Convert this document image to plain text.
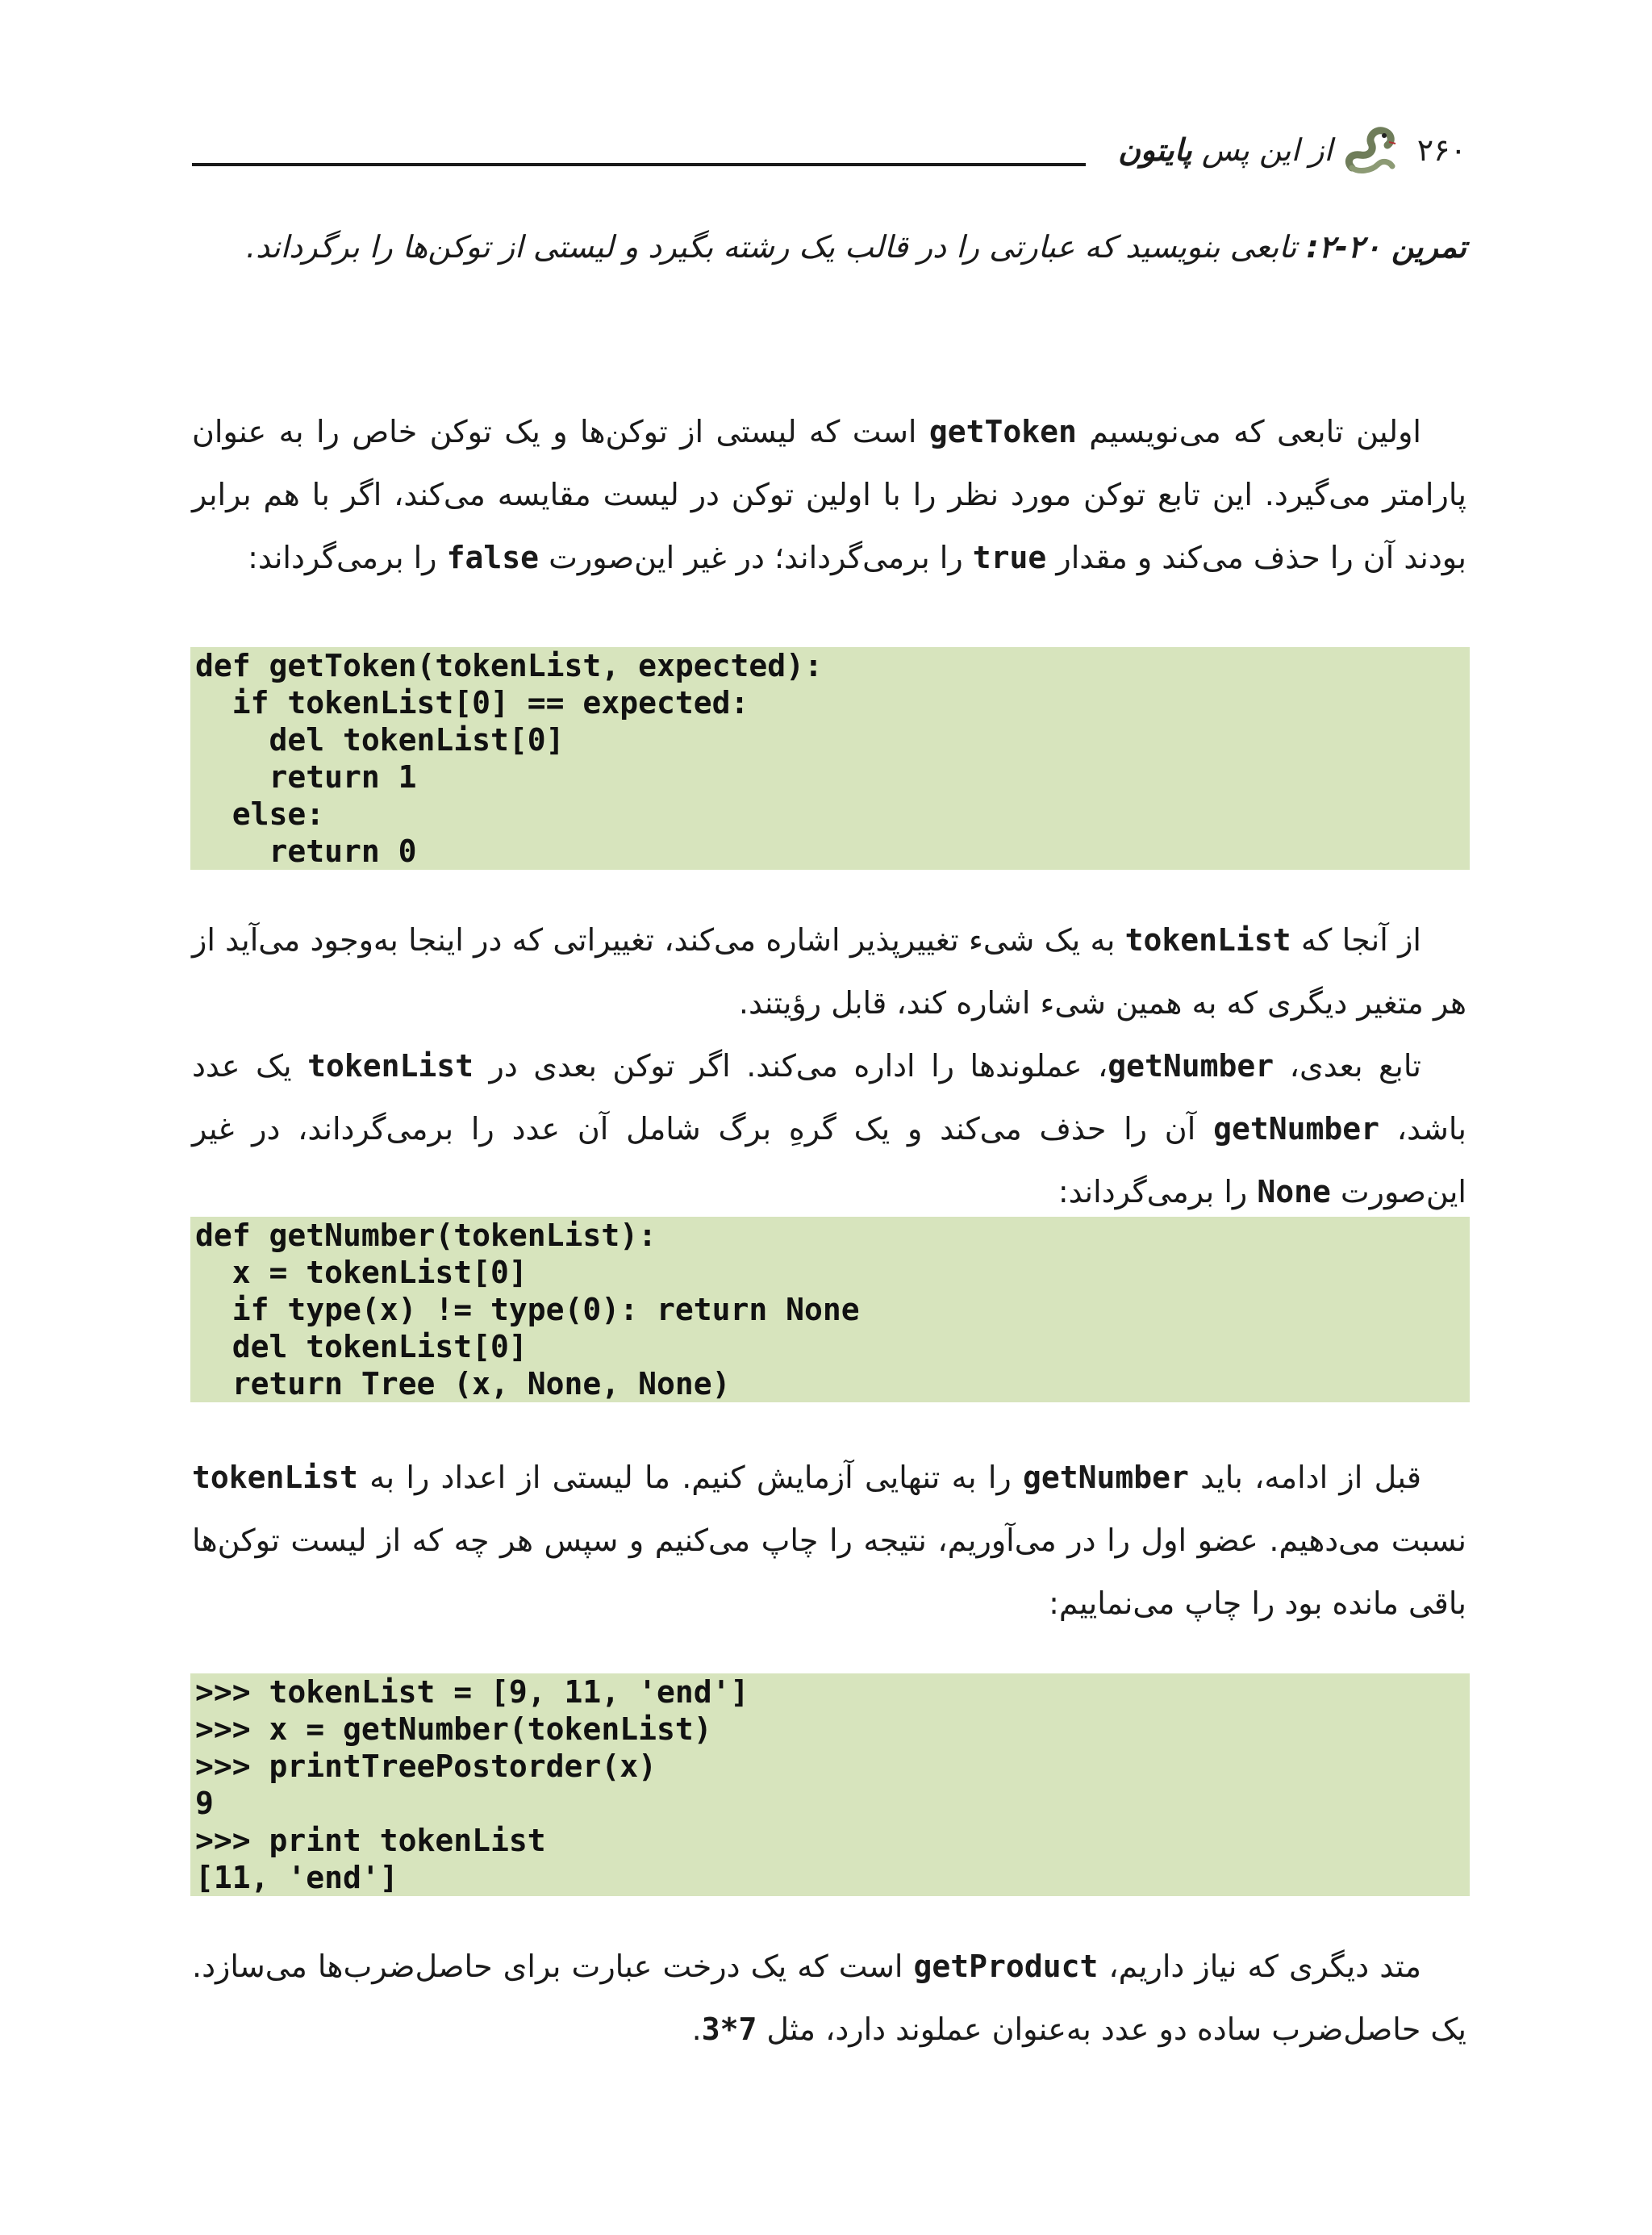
۲۶۰
از این پس پایتون
تمرین ۲۰-۲: تابعی بنویسید که عبارتی را در قالب یک رشته بگیرد و لیستی از توکن‌ها را برگرداند.
اولین تابعی که می‌نویسیم getToken است که لیستی از توکن‌ها و یک توکن خاص را به عنوان پارامتر می‌گیرد. این تابع توکن مورد نظر را با اولین توکن در لیست مقایسه می‌کند، اگر با هم برابر بودند آن را حذف می‌کند و مقدار true را برمی‌گرداند؛ در غیر این‌صورت false را برمی‌گرداند:
def getToken(tokenList, expected):
if tokenList[0] == expected:
del tokenList[0]
return 1
else:
return 0
از آنجا که tokenList به یک شیء تغییرپذیر اشاره می‌کند، تغییراتی که در اینجا به‌وجود می‌آید از هر متغیر دیگری که به همین شیء اشاره کند، قابل رؤیتند.
تابع بعدی، getNumber، عملوندها را اداره می‌کند. اگر توکن بعدی در tokenList یک عدد باشد، getNumber آن را حذف می‌کند و یک گرهِ برگ شامل آن عدد را برمی‌گرداند، در غیر این‌صورت None را برمی‌گرداند:
def getNumber(tokenList):
x = tokenList[0]
if type(x) != type(0): return None
del tokenList[0]
return Tree (x, None, None)
قبل از ادامه، باید getNumber را به تنهایی آزمایش کنیم. ما لیستی از اعداد را به tokenList نسبت می‌دهیم. عضو اول را در می‌آوریم، نتیجه را چاپ می‌کنیم و سپس هر چه که از لیست توکن‌ها باقی مانده بود را چاپ می‌نماییم:
>>> tokenList = [9, 11, 'end']
>>> x = getNumber(tokenList)
>>> printTreePostorder(x)
9
>>> print tokenList
[11, 'end']
متد دیگری که نیاز داریم، getProduct است که یک درخت عبارت برای حاصل‌ضرب‌ها می‌سازد. یک حاصل‌ضرب ساده دو عدد به‌عنوان عملوند دارد، مثل 3*7.
